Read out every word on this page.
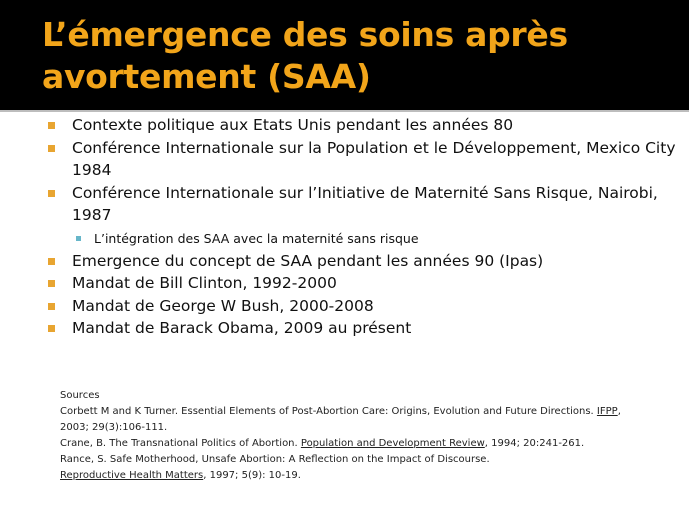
L’émergence des soins après avortement (SAA)
Contexte politique aux Etats Unis pendant les années 80
Conférence Internationale sur la Population et le Développement, Mexico City 1984
Conférence Internationale sur l’Initiative de Maternité Sans Risque, Nairobi, 1987
L’intégration des SAA avec la maternité sans risque
Emergence du concept de SAA pendant les années 90 (Ipas)
Mandat de Bill Clinton, 1992-2000
Mandat de George W Bush, 2000-2008
Mandat de Barack Obama, 2009 au présent
Sources
Corbett M and K Turner. Essential Elements of Post-Abortion Care: Origins, Evolution and Future Directions. IFPP, 2003; 29(3):106-111.
Crane, B. The Transnational Politics of Abortion. Population and Development Review, 1994; 20:241-261.
Rance, S. Safe Motherhood, Unsafe Abortion: A Reflection on the Impact of Discourse.
Reproductive Health Matters, 1997; 5(9): 10-19.
